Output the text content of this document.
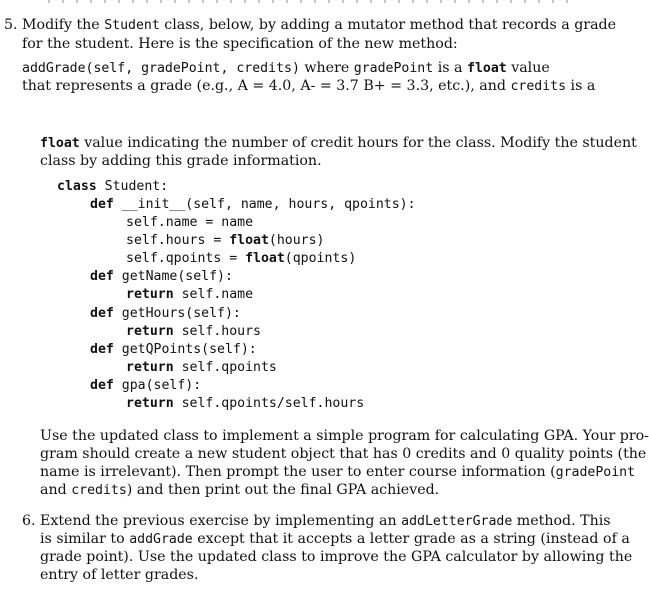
5. Modify the Student class, below, by adding a mutator method that records a grade
for the student. Here is the specification of the new method:
addGrade(self, gradePoint, credits) where gradePoint is a float value
that represents a grade (e.g., A = 4.0, A- = 3.7 B+ = 3.3, etc.), and credits is a
float value indicating the number of credit hours for the class. Modify the student
class by adding this grade information.
class Student:
def __init__(self, name, hours, qpoints):
self.name = name
self.hours = float(hours)
self.qpoints = float(qpoints)
def getName(self):
return self.name
def getHours(self):
return self.hours
def getQPoints(self):
return self.qpoints
def gpa(self):
return self.qpoints/self.hours
Use the updated class to implement a simple program for calculating GPA. Your pro-
gram should create a new student object that has 0 credits and 0 quality points (the
name is irrelevant). Then prompt the user to enter course information (gradePoint
and credits) and then print out the final GPA achieved.
6. Extend the previous exercise by implementing an addLetterGrade method. This
is similar to addGrade except that it accepts a letter grade as a string (instead of a
grade point). Use the updated class to improve the GPA calculator by allowing the
entry of letter grades.
